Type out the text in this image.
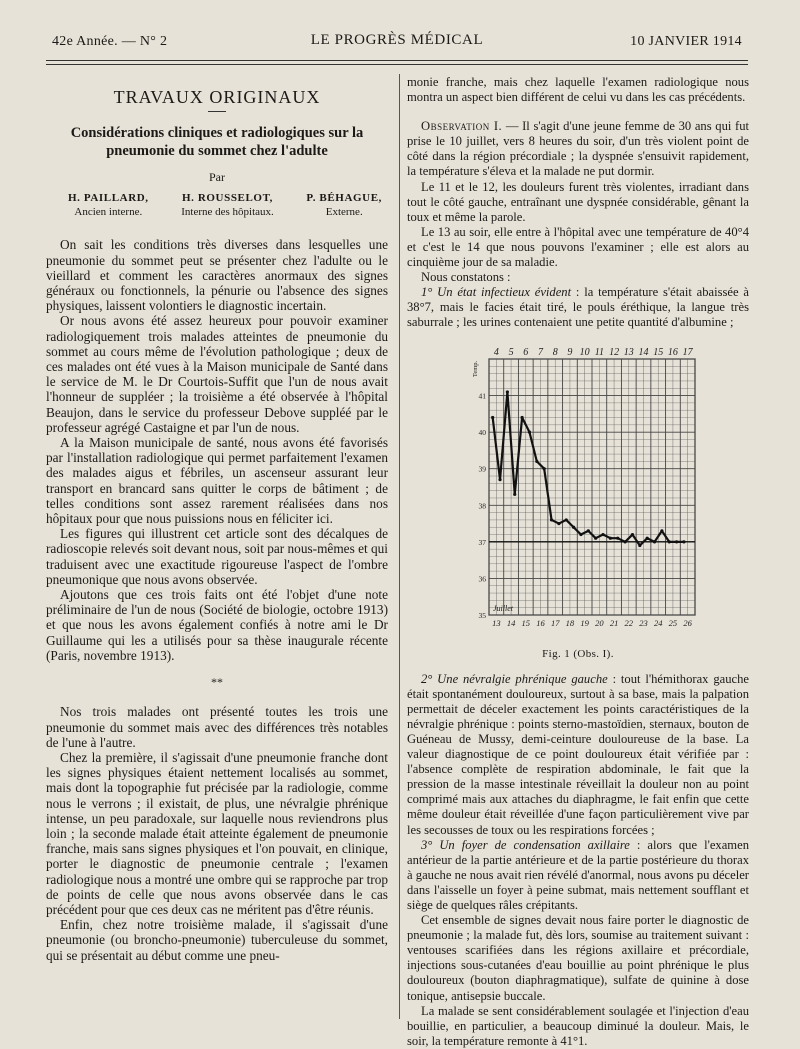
42e Année. — N° 2	LE PROGRÈS MÉDICAL	10 JANVIER 1914
TRAVAUX ORIGINAUX
Considérations cliniques et radiologiques sur la pneumonie du sommet chez l'adulte
Par
H. PAILLARD,
Ancien interne.
H. ROUSSELOT,
Interne des hôpitaux.
P. BÉHAGUE,
Externe.

On sait les conditions très diverses dans lesquelles une pneumonie du sommet peut se présenter chez l'adulte ou le vieillard et comment les caractères anormaux des signes généraux ou fonctionnels, la pénurie ou l'absence des signes physiques, laissent volontiers le diagnostic incertain.

Or nous avons été assez heureux pour pouvoir examiner radiologiquement trois malades atteintes de pneumonie du sommet au cours même de l'évolution pathologique ; deux de ces malades ont été vues à la Maison municipale de Santé dans le service de M. le Dr Courtois-Suffit que l'un de nous avait l'honneur de suppléer ; la troisième a été observée à l'hôpital Beaujon, dans le service du professeur Debove suppléé par le professeur agrégé Castaigne et par l'un de nous.

A la Maison municipale de santé, nous avons été favorisés par l'installation radiologique qui permet parfaitement l'examen des malades aigus et fébriles, un ascenseur assurant leur transport en brancard sans quitter le corps de bâtiment ; de telles conditions sont assez rarement réalisées dans nos hôpitaux pour que nous puissions nous en féliciter ici.

Les figures qui illustrent cet article sont des décalques de radioscopie relevés soit devant nous, soit par nous-mêmes et qui traduisent avec une exactitude rigoureuse l'aspect de l'ombre pneumonique que nous avons observée.

Ajoutons que ces trois faits ont été l'objet d'une note préliminaire de l'un de nous (Société de biologie, octobre 1913) et que nous les avons également confiés à notre ami le Dr Guillaume qui les a utilisés pour sa thèse inaugurale récente (Paris, novembre 1913).

**

Nos trois malades ont présenté toutes les trois une pneumonie du sommet mais avec des différences très notables de l'une à l'autre.

Chez la première, il s'agissait d'une pneumonie franche dont les signes physiques étaient nettement localisés au sommet, mais dont la topographie fut précisée par la radiologie, comme nous le verrons ; il existait, de plus, une névralgie phrénique intense, un peu paradoxale, sur laquelle nous reviendrons plus loin ; la seconde malade était atteinte également de pneumonie franche, mais sans signes physiques et l'on pouvait, en clinique, porter le diagnostic de pneumonie centrale ; l'examen radiologique nous a montré une ombre qui se rapproche par trop de points de celle que nous avons observée dans le cas précédent pour que ces deux cas ne méritent pas d'être réunis.

Enfin, chez notre troisième malade, il s'agissait d'une pneumonie (ou broncho-pneumonie) tuberculeuse du sommet, qui se présentait au début comme une pneu-

monie franche, mais chez laquelle l'examen radiologique nous montra un aspect bien différent de celui vu dans les cas précédents.

Observation I. — Il s'agit d'une jeune femme de 30 ans qui fut prise le 10 juillet, vers 8 heures du soir, d'un très violent point de côté dans la région précordiale ; la dyspnée s'ensuivit rapidement, la température s'éleva et la malade ne put dormir.

Le 11 et le 12, les douleurs furent très violentes, irradiant dans tout le côté gauche, entraînant une dyspnée considérable, gênant la toux et même la parole.

Le 13 au soir, elle entre à l'hôpital avec une température de 40°4 et c'est le 14 que nous pouvons l'examiner ; elle est alors au cinquième jour de sa maladie.

Nous constatons :

1° Un état infectieux évident : la température s'était abaissée à 38°7, mais le facies était tiré, le pouls éréthique, la langue très saburrale ; les urines contenaient une petite quantité d'albumine ;

4 5 6 7 8 9 10 11 12 13 14 15 16 17
13 14 15 16 17 18 19 20 21 22 23 24 25 26
41
40
39
38
37
36
35
Temp.
Juillet
Fig. 1 (Obs. I).

2° Une névralgie phrénique gauche : tout l'hémithorax gauche était spontanément douloureux, surtout à sa base, mais la palpation permettait de déceler exactement les points caractéristiques de la névralgie phrénique : points sterno-mastoïdien, sternaux, bouton de Guéneau de Mussy, demi-ceinture douloureuse de la base. La valeur diagnostique de ce point douloureux était vérifiée par : l'absence complète de respiration abdominale, le fait que la pression de la masse intestinale réveillait la douleur non au point comprimé mais aux attaches du diaphragme, le fait enfin que cette même douleur était réveillée d'une façon particulièrement vive par les secousses de toux ou les respirations forcées ;

3° Un foyer de condensation axillaire : alors que l'examen antérieur de la partie antérieure et de la partie postérieure du thorax à gauche ne nous avait rien révélé d'anormal, nous avons pu déceler dans l'aisselle un foyer à peine submat, mais nettement soufflant et siège de quelques râles crépitants.

Cet ensemble de signes devait nous faire porter le diagnostic de pneumonie ; la malade fut, dès lors, soumise au traitement suivant : ventouses scarifiées dans les régions axillaire et précordiale, injections sous-cutanées d'eau bouillie au point phrénique le plus douloureux (bouton diaphragmatique), sulfate de quinine à dose tonique, antisepsie buccale.

La malade se sent considérablement soulagée et l'injection d'eau bouillie, en particulier, a beaucoup diminué la douleur. Mais, le soir, la température remonte à 41°1.
